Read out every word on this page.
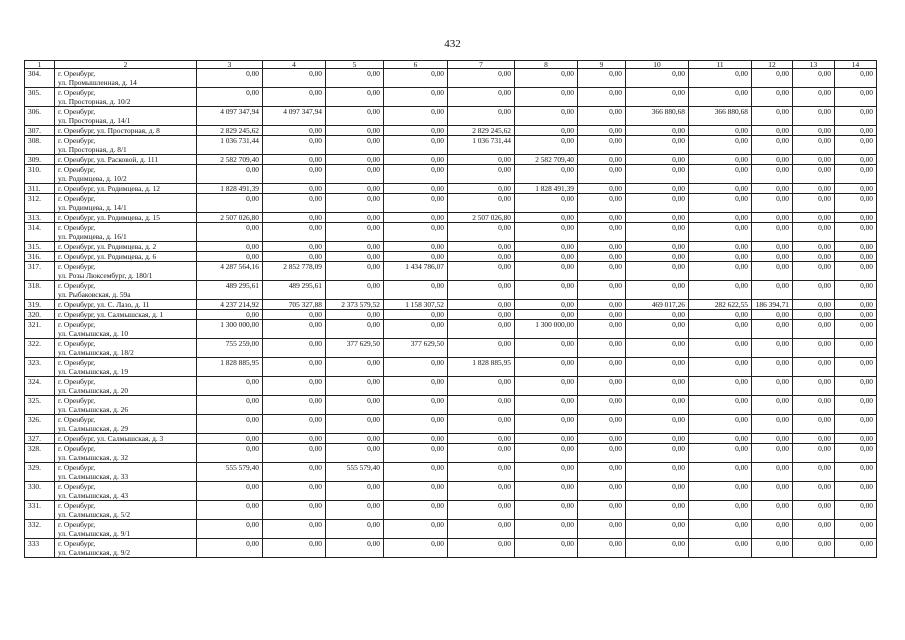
432
1	2	3	4	5	6	7	8	9	10	11	12	13	14
304.	г. Оренбург,
ул. Промышленная, д. 14	0,00	0,00	0,00	0,00	0,00	0,00	0,00	0,00	0,00	0,00	0,00	0,00
305.	г. Оренбург,
ул. Просторная, д. 10/2	0,00	0,00	0,00	0,00	0,00	0,00	0,00	0,00	0,00	0,00	0,00	0,00
306.	г. Оренбург,
ул. Просторная, д. 14/1	4 097 347,94	4 097 347,94	0,00	0,00	0,00	0,00	0,00	366 880,68	366 880,68	0,00	0,00	0,00
307.	г. Оренбург, ул. Просторная, д. 8	2 829 245,62	0,00	0,00	0,00	2 829 245,62	0,00	0,00	0,00	0,00	0,00	0,00	0,00
308.	г. Оренбург,
ул. Просторная, д. 8/1	1 036 731,44	0,00	0,00	0,00	1 036 731,44	0,00	0,00	0,00	0,00	0,00	0,00	0,00
309.	г. Оренбург, ул. Расковой, д. 111	2 582 709,40	0,00	0,00	0,00	0,00	2 582 709,40	0,00	0,00	0,00	0,00	0,00	0,00
310.	г. Оренбург,
ул. Родимцева, д. 10/2	0,00	0,00	0,00	0,00	0,00	0,00	0,00	0,00	0,00	0,00	0,00	0,00
311.	г. Оренбург, ул. Родимцева, д. 12	1 828 491,39	0,00	0,00	0,00	0,00	1 828 491,39	0,00	0,00	0,00	0,00	0,00	0,00
312.	г. Оренбург,
ул. Родимцева, д. 14/1	0,00	0,00	0,00	0,00	0,00	0,00	0,00	0,00	0,00	0,00	0,00	0,00
313.	г. Оренбург, ул. Родимцева, д. 15	2 507 026,80	0,00	0,00	0,00	2 507 026,80	0,00	0,00	0,00	0,00	0,00	0,00	0,00
314.	г. Оренбург,
ул. Родимцева, д. 16/1	0,00	0,00	0,00	0,00	0,00	0,00	0,00	0,00	0,00	0,00	0,00	0,00
315.	г. Оренбург, ул. Родимцева, д. 2	0,00	0,00	0,00	0,00	0,00	0,00	0,00	0,00	0,00	0,00	0,00	0,00
316.	г. Оренбург, ул. Родимцева, д. 6	0,00	0,00	0,00	0,00	0,00	0,00	0,00	0,00	0,00	0,00	0,00	0,00
317.	г. Оренбург,
ул. Розы Люксембург, д. 180/1	4 287 564,16	2 852 778,09	0,00	1 434 786,07	0,00	0,00	0,00	0,00	0,00	0,00	0,00	0,00
318.	г. Оренбург,
ул. Рыбаковская, д. 59а	489 295,61	489 295,61	0,00	0,00	0,00	0,00	0,00	0,00	0,00	0,00	0,00	0,00
319.	г. Оренбург, ул. С. Лазо, д. 11	4 237 214,92	705 327,88	2 373 579,52	1 158 307,52	0,00	0,00	0,00	469 017,26	282 622,55	186 394,71	0,00	0,00
320.	г. Оренбург, ул. Салмышская, д. 1	0,00	0,00	0,00	0,00	0,00	0,00	0,00	0,00	0,00	0,00	0,00	0,00
321.	г. Оренбург,
ул. Салмышская, д. 10	1 300 000,00	0,00	0,00	0,00	0,00	1 300 000,00	0,00	0,00	0,00	0,00	0,00	0,00
322.	г. Оренбург,
ул. Салмышская, д. 18/2	755 259,00	0,00	377 629,50	377 629,50	0,00	0,00	0,00	0,00	0,00	0,00	0,00	0,00
323.	г. Оренбург,
ул. Салмышская, д. 19	1 828 885,95	0,00	0,00	0,00	1 828 885,95	0,00	0,00	0,00	0,00	0,00	0,00	0,00
324.	г. Оренбург,
ул. Салмышская, д. 20	0,00	0,00	0,00	0,00	0,00	0,00	0,00	0,00	0,00	0,00	0,00	0,00
325.	г. Оренбург,
ул. Салмышская, д. 26	0,00	0,00	0,00	0,00	0,00	0,00	0,00	0,00	0,00	0,00	0,00	0,00
326.	г. Оренбург,
ул. Салмышская, д. 29	0,00	0,00	0,00	0,00	0,00	0,00	0,00	0,00	0,00	0,00	0,00	0,00
327.	г. Оренбург, ул. Салмышская, д. 3	0,00	0,00	0,00	0,00	0,00	0,00	0,00	0,00	0,00	0,00	0,00	0,00
328.	г. Оренбург,
ул. Салмышская, д. 32	0,00	0,00	0,00	0,00	0,00	0,00	0,00	0,00	0,00	0,00	0,00	0,00
329.	г. Оренбург,
ул. Салмышская, д. 33	555 579,40	0,00	555 579,40	0,00	0,00	0,00	0,00	0,00	0,00	0,00	0,00	0,00
330.	г. Оренбург,
ул. Салмышская, д. 43	0,00	0,00	0,00	0,00	0,00	0,00	0,00	0,00	0,00	0,00	0,00	0,00
331.	г. Оренбург,
ул. Салмышская, д. 5/2	0,00	0,00	0,00	0,00	0,00	0,00	0,00	0,00	0,00	0,00	0,00	0,00
332.	г. Оренбург,
ул. Салмышская, д. 9/1	0,00	0,00	0,00	0,00	0,00	0,00	0,00	0,00	0,00	0,00	0,00	0,00
333	г. Оренбург,
ул. Салмышская, д. 9/2	0,00	0,00	0,00	0,00	0,00	0,00	0,00	0,00	0,00	0,00	0,00	0,00
